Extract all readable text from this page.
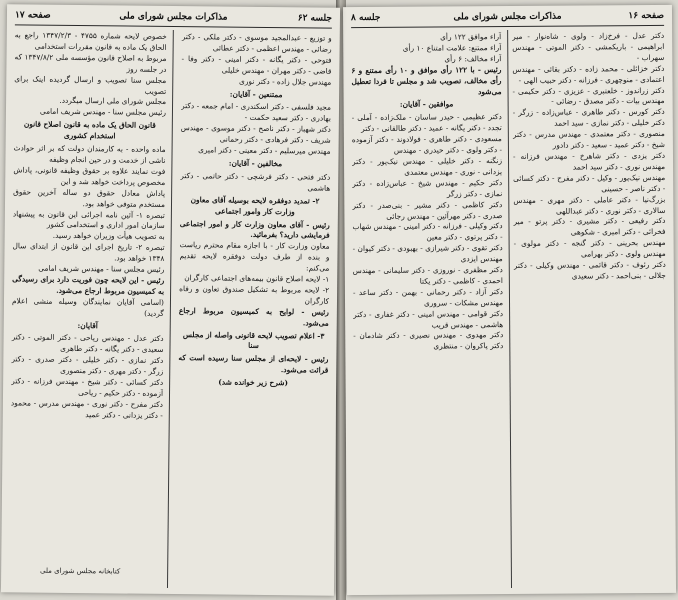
صفحه ۱۶
مذاکرات مجلس شورای ملی
جلسه ۸

دکتر عدل - فرخ‌زاد - ولوی - شاه‌نوار - میر ابراهیمی - باریکمشی - دکتر الموتی - مهندس سهراب -

دکتر خزائلی - محمد زاده - دکتر بقائی - مهندس اعتمادی - منوچهری - فرزانه - دکتر حبیب الهی -

دکتر زراندوز - خلعتبری - عزیزی - دکتر حکیمی - مهندس بیات - دکتر مصدق - رضائی -

دکتر کورس - دکتر طاهری - عباس‌زاده - زرگر - دکتر خلیلی - دکتر نمازی - سید احمد

منصوری - دکتر معتمدی - مهندس مدرس - دکتر شیخ - دکتر عمید - سعید - دکتر دادور

دکتر یزدی - دکتر شاهرخ - مهندس فرزانه - مهندس نوری - دکتر سید احمد

مهندس نیک‌پور - وکیل - دکتر مفرح - دکتر کسائی - دکتر ناصر - حسینی

بزرگ‌نیا - دکتر عاملی - دکتر مهری - مهندس سالاری - دکتر نوری - دکتر عبداللهی

دکتر رفیعی - دکتر مشیری - دکتر پرتو - میر فخرائی - دکتر امیری - شکوهی

مهندس بحرینی - دکتر گنجه - دکتر مولوی - مهندس ولوی - دکتر بهرامی

دکتر رئوف - دکتر قائمی - مهندس وکیلی - دکتر جلالی - بنی‌احمد - دکتر سعیدی

آراء موافق ۱۲۲ رأی

آراء ممتنع: علامت امتناع ۱۰ رأی

آراء مخالف: ۶ رأی

رئیس - با ۱۲۲ رأی موافق و ۱۰ رأی ممتنع و ۶ رأی مخالف، تصویب شد و مجلس تا فردا تعطیل می‌شود

موافقین - آقایان:

دکتر عظیمی - حیدر ساسان - ملک‌زاده - آملی - تجدد - دکتر یگانه - عمید - دکتر طالقانی - دکتر

مسعودی - دکتر طاهری - فولادوند - دکتر آزموده - دکتر ولوی - دکتر حیدری - مهندس

زنگنه - دکتر خلیلی - مهندس نیک‌پور - دکتر یزدانی - نوری - مهندس معتمدی

دکتر حکیم - مهندس شیخ - عباس‌زاده - دکتر نمازی - دکتر زرگر

دکتر کاظمی - دکتر مشیر - بنی‌صدر - دکتر صدری - دکتر مهرآئین - مهندس رجائی

دکتر وکیلی - فرزانه - دکتر امینی - مهندس شهاب - دکتر پرتوی - دکتر معین

دکتر تقوی - دکتر شیرازی - بهبودی - دکتر کیوان - مهندس ایزدی

دکتر مظفری - نوروزی - دکتر سلیمانی - مهندس احمدی - کاظمی - دکتر یکتا

دکتر آزاد - دکتر رحمانی - بهمن - دکتر ساعد - مهندس مشکات - سروری

دکتر قوامی - مهندس امینی - دکتر غفاری - دکتر هاشمی - مهندس قریب

دکتر مهدوی - مهندس نصیری - دکتر شادمان - دکتر پاکروان - منتظری

جلسه ۶۲
مذاکرات مجلس شورای ملی
صفحه ۱۷

و توزیع - عبدالمجید موسوی - دکتر ملکی - دکتر رضائی - مهندس اعظمی - دکتر عطائی

فتوحی - دکتر یگانه - دکتر امینی - دکتر وفا - قاضی - دکتر مهران - مهندس خلیلی

مهندس جلال زاده - دکتر نوری

ممتنعین - آقایان:

مجید فلسفی - دکتر اسکندری - امام جمعه - دکتر بهادری - دکتر سعید حکمت -

دکتر شهباز - دکتر ناصح - دکتر موسوی - مهندس شریف - دکتر فرهادی - دکتر رحمانی

مهندس میرسلیم - دکتر معینی - دکتر امیری

مخالفین - آقایان:

دکتر فتحی - دکتر فرشچی - دکتر حاتمی - دکتر هاشمی

۲- تمدید دوفقره لایحه بوسیله آقای معاون وزارت کار وامور اجتماعی

رئیس - آقای معاون وزارت کار و امور اجتماعی فرمایشی دارید؟ بفرمائید.

معاون وزارت کار - با اجازه مقام محترم ریاست و بنده از طرف دولت دوفقره لایحه تقدیم می‌کنم:

۱- لایحه اصلاح قانون بیمه‌های اجتماعی کارگران

۲- لایحه مربوط به تشکیل صندوق تعاون و رفاه کارگران

رئیس - لوایح به کمیسیون مربوط ارجاع می‌شود.

۳- اعلام تصویب لایحه قانونی واصله از مجلس سنا

رئیس - لایحه‌ای از مجلس سنا رسیده است که قرائت می‌شود.

(شرح زیر خوانده شد)

خصوص لایحه شماره ۴۷۵۵ - ۱۳۴۷/۲/۳ راجع به الحاق یک ماده به قانون مقررات استخدامی

مربوط به اصلاح قانون مؤسسه ملی ۱۳۴۷/۸/۲ که در جلسه روز

مجلس سنا تصویب و ارسال گردیده اینک برای تصویب

مجلس شورای ملی ارسال میگردد.

رئیس مجلس سنا - مهندس شریف امامی

قانون الحاق یک ماده به قانون اصلاح قانون استخدام کشوری

ماده واحده - به کارمندان دولت که بر اثر حوادث ناشی از خدمت و در حین انجام وظیفه

فوت نمایند علاوه بر حقوق وظیفه قانونی، پاداش مخصوص پرداخت خواهد شد و این

پاداش معادل حقوق دو ساله آخرین حقوق مستخدم متوفی خواهد بود.

تبصره ۱- آئین نامه اجرائی این قانون به پیشنهاد سازمان امور اداری و استخدامی کشور

به تصویب هیأت وزیران خواهد رسید.

تبصره ۲- تاریخ اجرای این قانون از ابتدای سال ۱۳۴۸ خواهد بود.

رئیس مجلس سنا - مهندس شریف امامی

رئیس - این لایحه چون فوریت دارد برای رسیدگی به کمیسیون مربوط ارجاع می‌شود.

(اسامی آقایان نمایندگان وسیله منشی اعلام گردید)

آقایان:

دکتر عدل - مهندس ریاحی - دکتر الموتی - دکتر سعیدی - دکتر یگانه - دکتر طاهری

دکتر نمازی - دکتر خلیلی - دکتر صدری - دکتر زرگر - دکتر مهری - دکتر منصوری

دکتر کسائی - دکتر شیخ - مهندس فرزانه - دکتر آزموده - دکتر حکیم - ریاحی

دکتر مفرح - دکتر نوری - مهندس مدرس - محمود - دکتر یزدانی - دکتر عمید

کتابخانه مجلس شورای ملی
